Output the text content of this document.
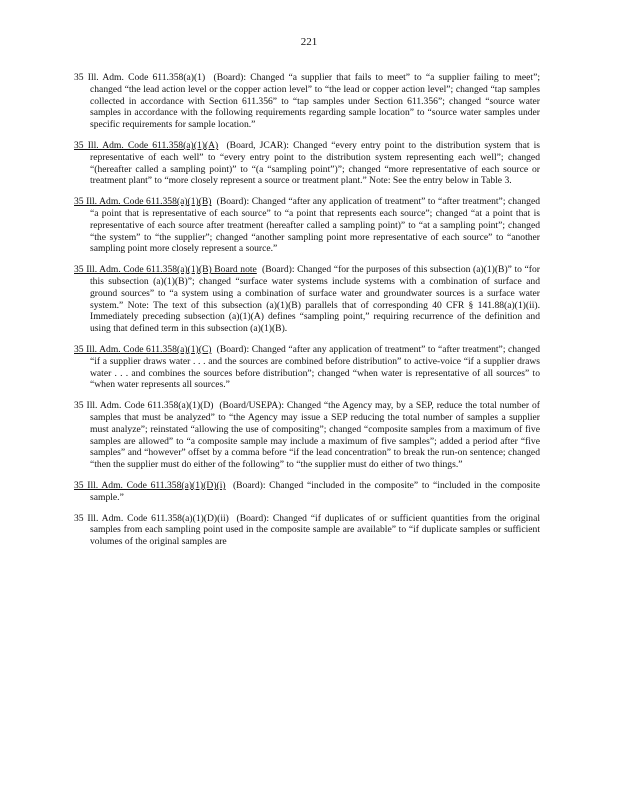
221

35 Ill. Adm. Code 611.358(a)(1) (Board): Changed “a supplier that fails to meet” to “a supplier failing to meet”; changed “the lead action level or the copper action level” to “the lead or copper action level”; changed “tap samples collected in accordance with Section 611.356” to “tap samples under Section 611.356”; changed “source water samples in accordance with the following requirements regarding sample location” to “source water samples under specific requirements for sample location.”

35 Ill. Adm. Code 611.358(a)(1)(A) (Board, JCAR): Changed “every entry point to the distribution system that is representative of each well” to “every entry point to the distribution system representing each well”; changed “(hereafter called a sampling point)” to “(a “sampling point”)”; changed “more representative of each source or treatment plant” to “more closely represent a source or treatment plant.” Note: See the entry below in Table 3.

35 Ill. Adm. Code 611.358(a)(1)(B) (Board): Changed “after any application of treatment” to “after treatment”; changed “a point that is representative of each source” to “a point that represents each source”; changed “at a point that is representative of each source after treatment (hereafter called a sampling point)” to “at a sampling point”; changed “the system” to “the supplier”; changed “another sampling point more representative of each source” to “another sampling point more closely represent a source.”

35 Ill. Adm. Code 611.358(a)(1)(B) Board note (Board): Changed “for the purposes of this subsection (a)(1)(B)” to “for this subsection (a)(1)(B)”; changed “surface water systems include systems with a combination of surface and ground sources” to “a system using a combination of surface water and groundwater sources is a surface water system.” Note: The text of this subsection (a)(1)(B) parallels that of corresponding 40 CFR § 141.88(a)(1)(ii). Immediately preceding subsection (a)(1)(A) defines “sampling point,” requiring recurrence of the definition and using that defined term in this subsection (a)(1)(B).

35 Ill. Adm. Code 611.358(a)(1)(C) (Board): Changed “after any application of treatment” to “after treatment”; changed “if a supplier draws water . . . and the sources are combined before distribution” to active-voice “if a supplier draws water . . . and combines the sources before distribution”; changed “when water is representative of all sources” to “when water represents all sources.”

35 Ill. Adm. Code 611.358(a)(1)(D) (Board/USEPA): Changed “the Agency may, by a SEP, reduce the total number of samples that must be analyzed” to “the Agency may issue a SEP reducing the total number of samples a supplier must analyze”; reinstated “allowing the use of compositing”; changed “composite samples from a maximum of five samples are allowed” to “a composite sample may include a maximum of five samples”; added a period after “five samples” and “however” offset by a comma before “if the lead concentration” to break the run-on sentence; changed “then the supplier must do either of the following” to “the supplier must do either of two things.”

35 Ill. Adm. Code 611.358(a)(1)(D)(i) (Board): Changed “included in the composite” to “included in the composite sample.”

35 Ill. Adm. Code 611.358(a)(1)(D)(ii) (Board): Changed “if duplicates of or sufficient quantities from the original samples from each sampling point used in the composite sample are available” to “if duplicate samples or sufficient volumes of the original samples are
